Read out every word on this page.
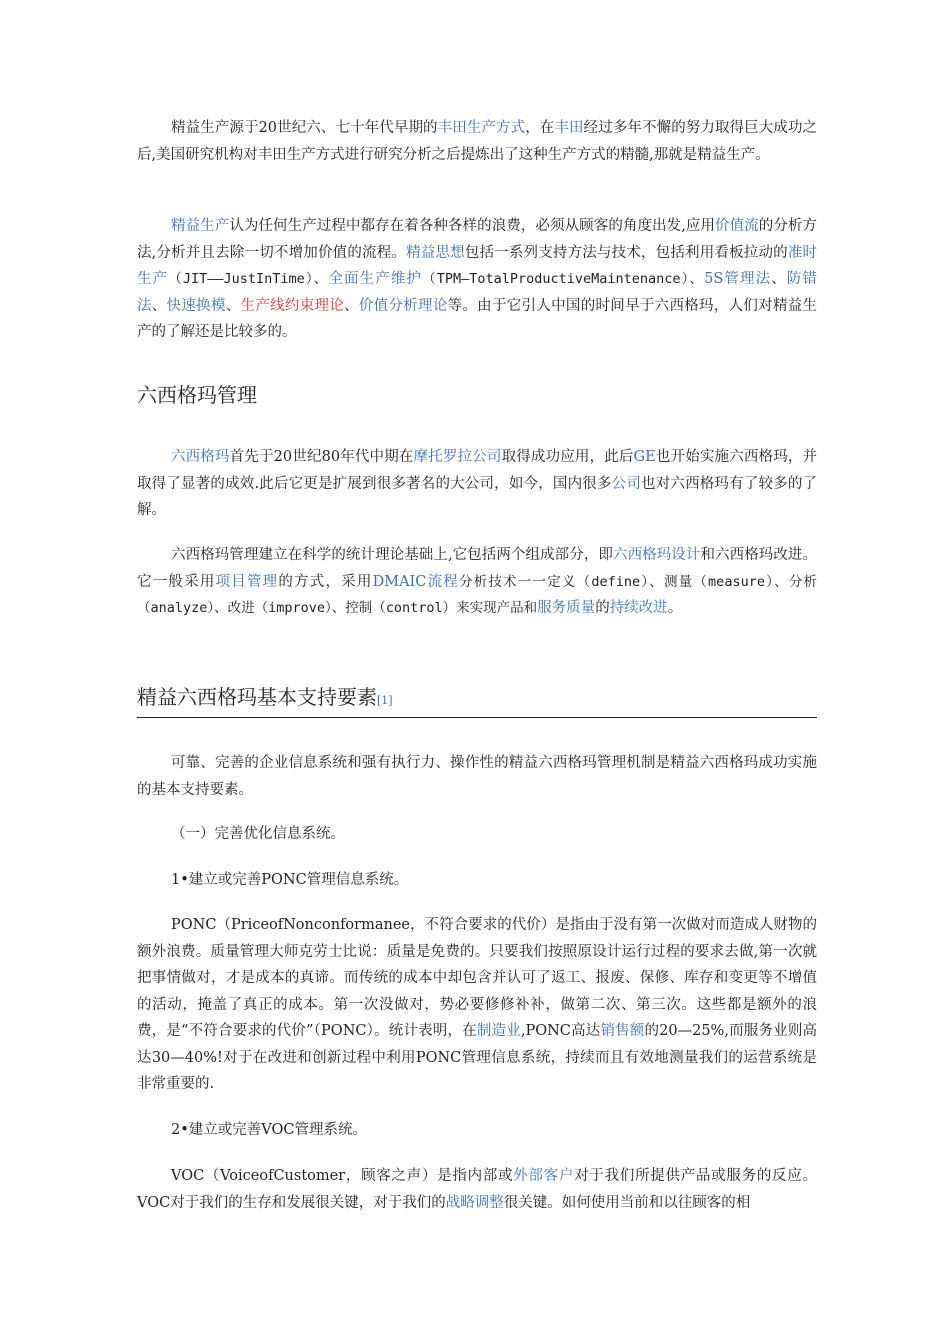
精益生产源于20世纪六、七十年代早期的丰田生产方式，在丰田经过多年不懈的努力取得巨大成功之后,美国研究机构对丰田生产方式进行研究分析之后提炼出了这种生产方式的精髓,那就是精益生产。

精益生产认为任何生产过程中都存在着各种各样的浪费，必须从顾客的角度出发,应用价值流的分析方法,分析并且去除一切不增加价值的流程。精益思想包括一系列支持方法与技术，包括利用看板拉动的准时生产（JIT——JustInTime）、全面生产维护（TPM—TotalProductiveMaintenance）、5S管理法、防错法、快速换模、生产线约束理论、价值分析理论等。由于它引人中国的时间早于六西格玛，人们对精益生产的了解还是比较多的。

六西格玛管理

六西格玛首先于20世纪80年代中期在摩托罗拉公司取得成功应用，此后GE也开始实施六西格玛，并取得了显著的成效.此后它更是扩展到很多著名的大公司，如今，国内很多公司也对六西格玛有了较多的了解。

六西格玛管理建立在科学的统计理论基础上,它包括两个组成部分，即六西格玛设计和六西格玛改进。它一般采用项目管理的方式，采用DMAIC流程分析技术一一定义（define）、测量（measure）、分析（analyze）、改进（improve）、控制（control）来实现产品和服务质量的持续改进。

精益六西格玛基本支持要素[1]

可靠、完善的企业信息系统和强有执行力、操作性的精益六西格玛管理机制是精益六西格玛成功实施的基本支持要素。

（一）完善优化信息系统。

1•建立或完善PONC管理信息系统。

PONC（PriceofNonconformanee，不符合要求的代价）是指由于没有第一次做对而造成人财物的额外浪费。质量管理大师克劳士比说：质量是免费的。只要我们按照原设计运行过程的要求去做,第一次就把事情做对，才是成本的真谛。而传统的成本中却包含并认可了返工、报废、保修、库存和变更等不增值的活动，掩盖了真正的成本。第一次没做对，势必要修修补补，做第二次、第三次。这些都是额外的浪费，是“不符合要求的代价”（PONC）。统计表明，在制造业,PONC高达销售额的20—25%,而服务业则高达30—40%!对于在改进和创新过程中利用PONC管理信息系统，持续而且有效地测量我们的运营系统是非常重要的.

2•建立或完善VOC管理系统。

VOC（VoiceofCustomer，顾客之声）是指内部或外部客户对于我们所提供产品或服务的反应。VOC对于我们的生存和发展很关键，对于我们的战略调整很关键。如何使用当前和以往顾客的相
